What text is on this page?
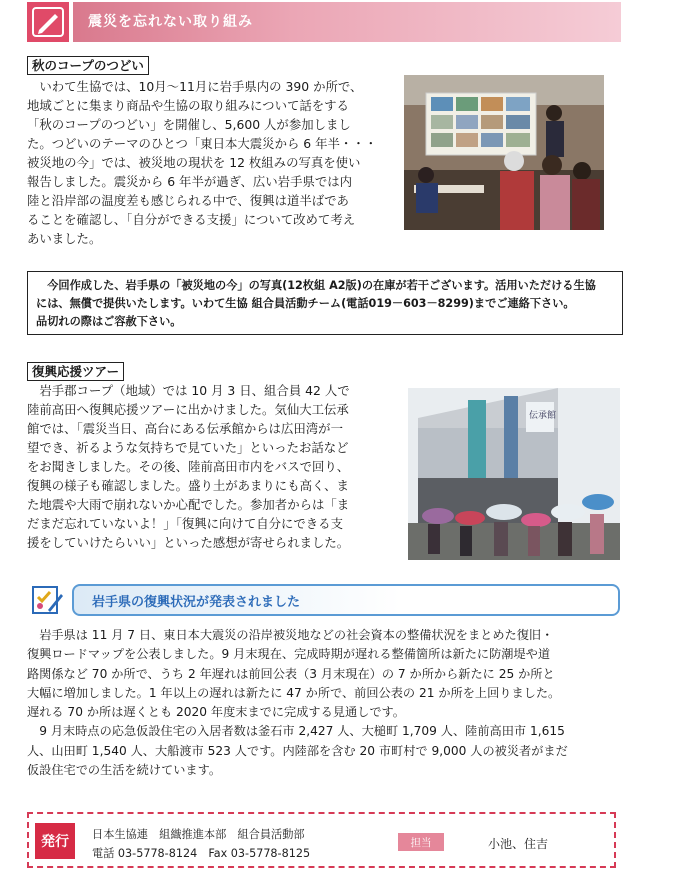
震災を忘れない取り組み
秋のコープのつどい

いわて生協では、10月～11月に岩手県内の 390 か所で、

地域ごとに集まり商品や生協の取り組みについて話をする

「秋のコープのつどい」を開催し、5,600 人が参加しまし

た。つどいのテーマのひとつ「東日本大震災から 6 年半・・・

被災地の今」では、被災地の現状を 12 枚組みの写真を使い

報告しました。震災から 6 年半が過ぎ、広い岩手県では内

陸と沿岸部の温度差も感じられる中で、復興は道半ばであ

ることを確認し、「自分ができる支援」について改めて考え

あいました。

今回作成した、岩手県の「被災地の今」の写真(12枚組 A2版)の在庫が若干ございます。活用いただける生協

には、無償で提供いたします。いわて生協 組合員活動チーム(電話019－603－8299)までご連絡下さい。

品切れの際はご容赦下さい。

復興応援ツアー

岩手郡コープ（地域）では 10 月 3 日、組合員 42 人で

陸前高田へ復興応援ツアーに出かけました。気仙大工伝承

館では、「震災当日、高台にある伝承館からは広田湾が一

望でき、祈るような気持ちで見ていた」といったお話など

をお聞きしました。その後、陸前高田市内をバスで回り、

復興の様子も確認しました。盛り土があまりにも高く、ま

た地震や大雨で崩れないか心配でした。参加者からは「ま

だまだ忘れていないよ！」「復興に向けて自分にできる支

援をしていけたらいい」といった感想が寄せられました。

伝承館
岩手県の復興状況が発表されました

岩手県は 11 月 7 日、東日本大震災の沿岸被災地などの社会資本の整備状況をまとめた復旧・

復興ロードマップを公表しました。9 月末現在、完成時期が遅れる整備箇所は新たに防潮堤や道

路関係など 70 か所で、うち 2 年遅れは前回公表（3 月末現在）の 7 か所から新たに 25 か所と

大幅に増加しました。1 年以上の遅れは新たに 47 か所で、前回公表の 21 か所を上回りました。

遅れる 70 か所は遅くとも 2020 年度末までに完成する見通しです。

9 月末時点の応急仮設住宅の入居者数は釜石市 2,427 人、大槌町 1,709 人、陸前高田市 1,615

人、山田町 1,540 人、大船渡市 523 人です。内陸部を含む 20 市町村で 9,000 人の被災者がまだ

仮設住宅での生活を続けています。

発行	日本生協連　組織推進本部　組合員活動部
電話 03-5778-8124　Fax 03-5778-8125
担当	小池、住吉
